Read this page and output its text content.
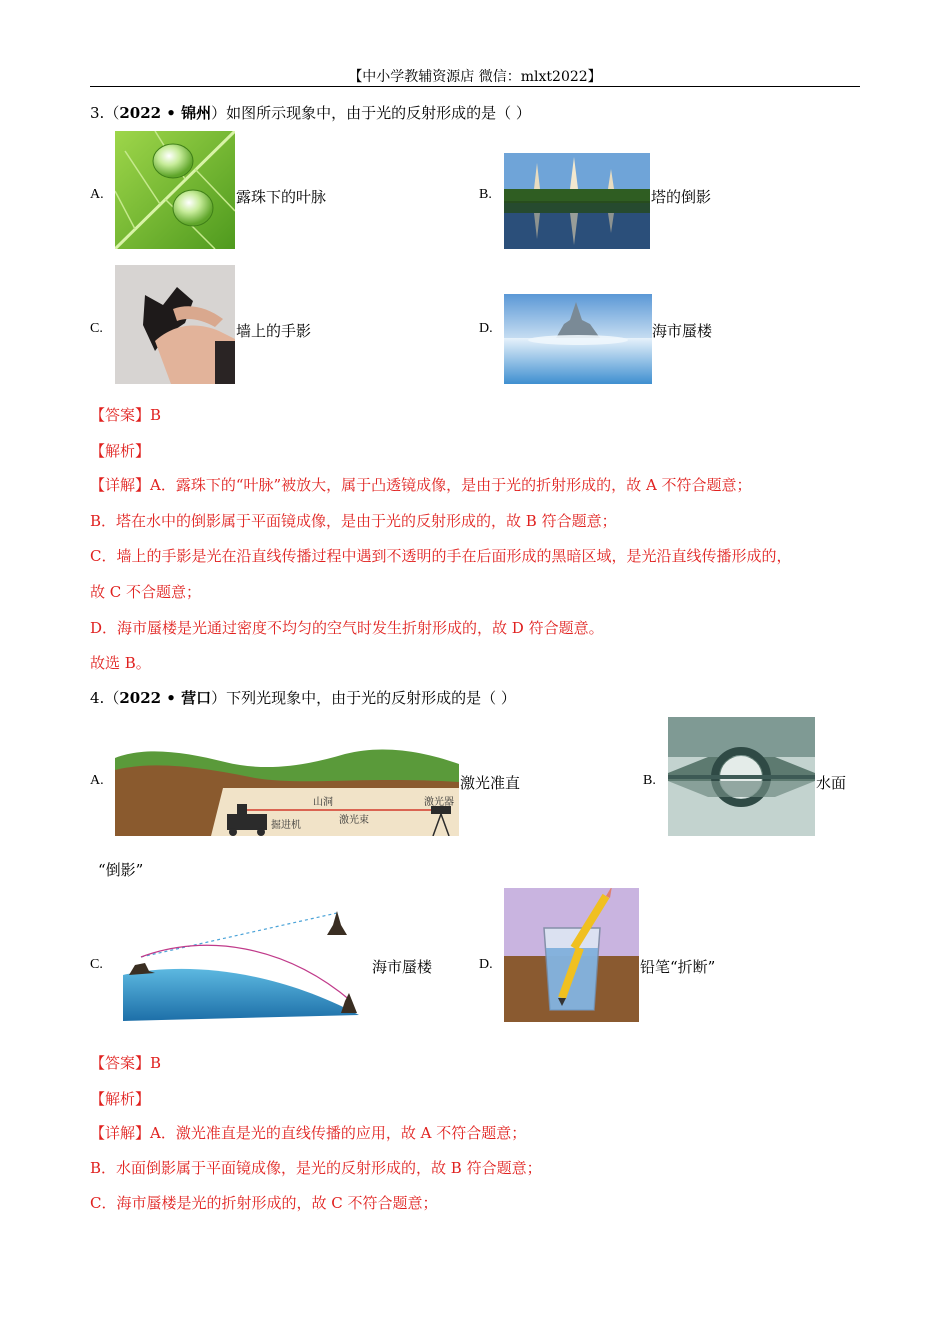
【中小学教辅资源店 微信：mlxt2022】
3.（2022 • 锦州）如图所示现象中，由于光的反射形成的是（ ）
A.	露珠下的叶脉	B.	塔的倒影
C.	墙上的手影	D.	海市蜃楼
【答案】B
【解析】
【详解】A．露珠下的“叶脉”被放大，属于凸透镜成像，是由于光的折射形成的，故 A 不符合题意；
B．塔在水中的倒影属于平面镜成像，是由于光的反射形成的，故 B 符合题意；
C．墙上的手影是光在沿直线传播过程中遇到不透明的手在后面形成的黑暗区域，是光沿直线传播形成的，
故 C 不合题意；
D．海市蜃楼是光通过密度不均匀的空气时发生折射形成的，故 D 符合题意。
故选 B。
4.（2022 • 营口）下列光现象中，由于光的反射形成的是（ ）
A.
山洞	激光器
激光束
掘进机
激光准直	B.	水面
“倒影”
C.	海市蜃楼	D.	铅笔“折断”
【答案】B
【解析】
【详解】A．激光准直是光的直线传播的应用，故 A 不符合题意；
B．水面倒影属于平面镜成像，是光的反射形成的，故 B 符合题意；
C．海市蜃楼是光的折射形成的，故 C 不符合题意；
